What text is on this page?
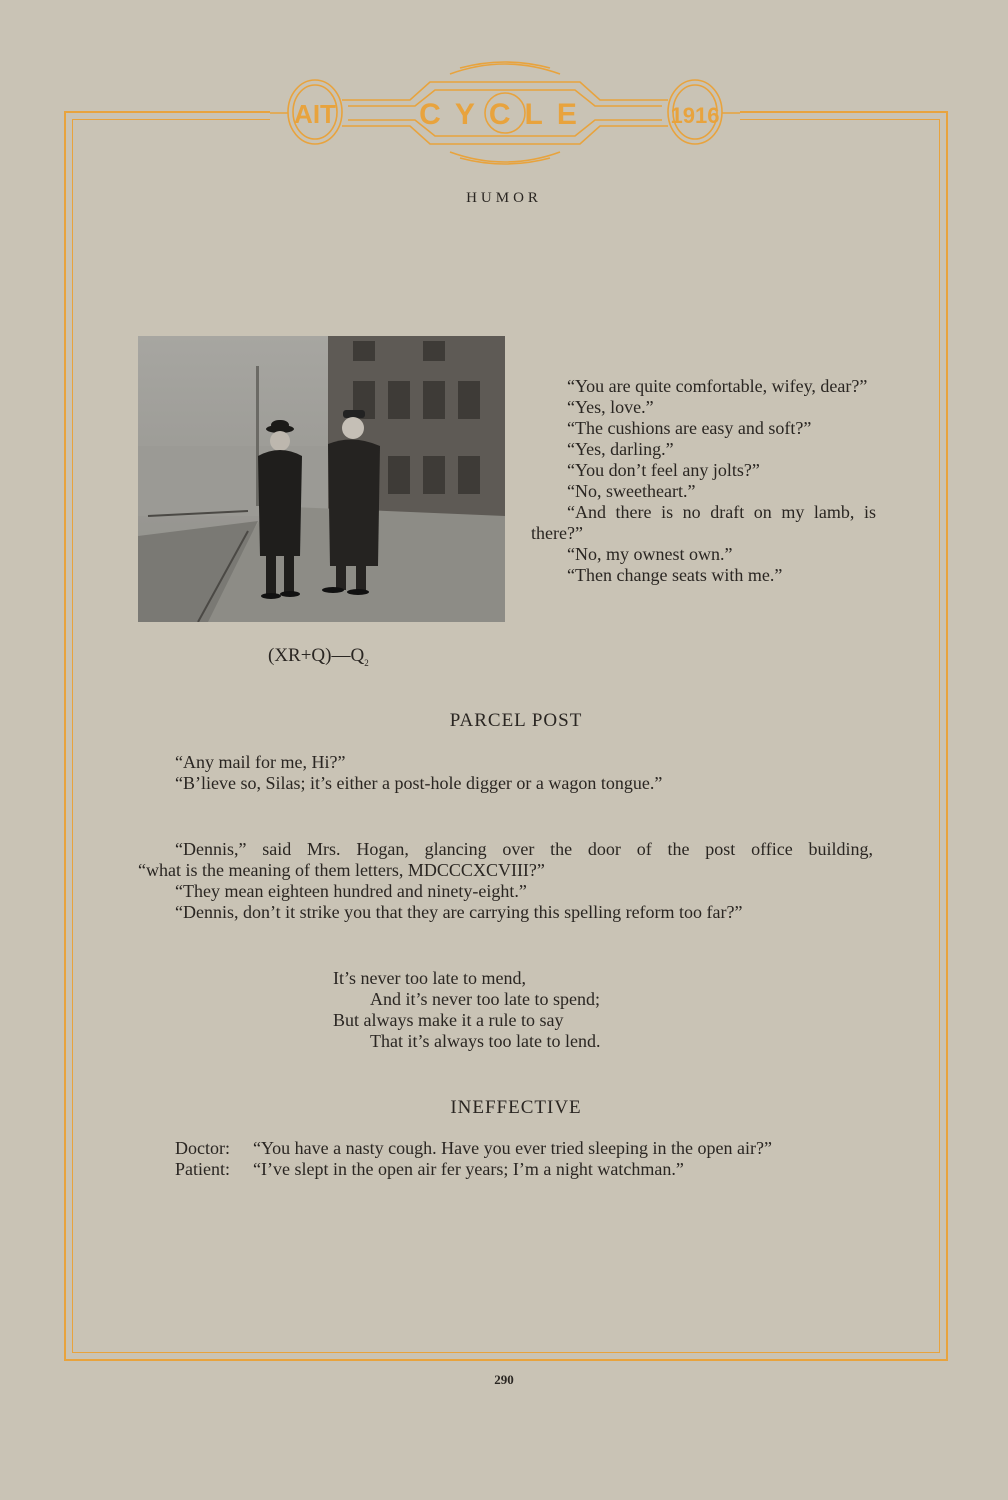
AIT	1916
CYCLE
HUMOR
$(XR+Q)—Q_2$

“You are quite comfortable, wifey, dear?”

“Yes, love.”

“The cushions are easy and soft?”

“Yes, darling.”

“You don’t feel any jolts?”

“No, sweetheart.”

“And there is no draft on my lamb, is there?”

“No, my ownest own.”

“Then change seats with me.”

PARCEL POST

“Any mail for me, Hi?”

“B’lieve so, Silas; it’s either a post-hole digger or a wagon tongue.”

“Dennis,” said Mrs. Hogan, glancing over the door of the post office building,

“what is the meaning of them letters, MDCCCXCVIII?”

“They mean eighteen hundred and ninety-eight.”

“Dennis, don’t it strike you that they are carrying this spelling reform too far?”

It’s never too late to mend,

And it’s never too late to spend;

But always make it a rule to say

That it’s always too late to lend.

INEFFECTIVE
Doctor:	“You have a nasty cough. Have you ever tried sleeping in the open air?”
Patient:	“I’ve slept in the open air fer years; I’m a night watchman.”
290
